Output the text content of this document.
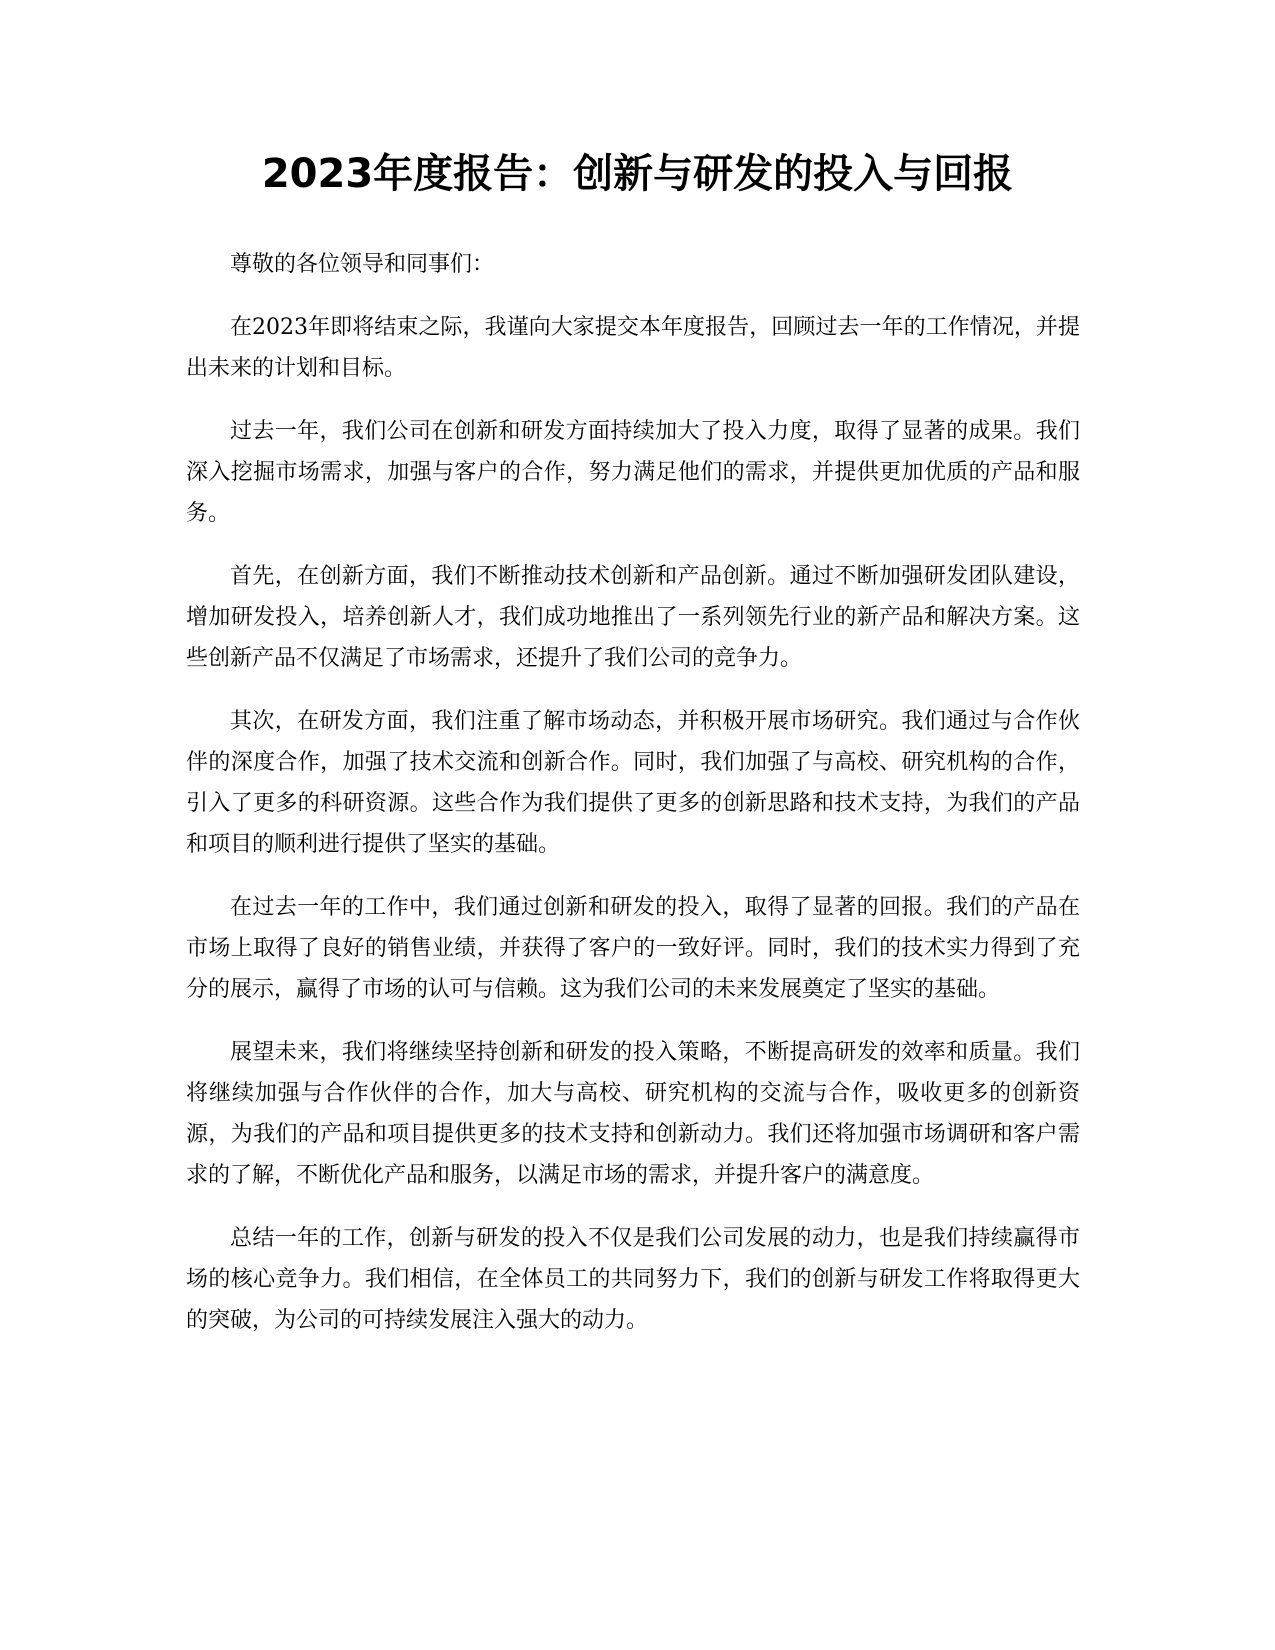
2023年度报告：创新与研发的投入与回报

尊敬的各位领导和同事们：

在2023年即将结束之际，我谨向大家提交本年度报告，回顾过去一年的工作情况，并提出未来的计划和目标。

过去一年，我们公司在创新和研发方面持续加大了投入力度，取得了显著的成果。我们深入挖掘市场需求，加强与客户的合作，努力满足他们的需求，并提供更加优质的产品和服务。

首先，在创新方面，我们不断推动技术创新和产品创新。通过不断加强研发团队建设，增加研发投入，培养创新人才，我们成功地推出了一系列领先行业的新产品和解决方案。这些创新产品不仅满足了市场需求，还提升了我们公司的竞争力。

其次，在研发方面，我们注重了解市场动态，并积极开展市场研究。我们通过与合作伙伴的深度合作，加强了技术交流和创新合作。同时，我们加强了与高校、研究机构的合作，引入了更多的科研资源。这些合作为我们提供了更多的创新思路和技术支持，为我们的产品和项目的顺利进行提供了坚实的基础。

在过去一年的工作中，我们通过创新和研发的投入，取得了显著的回报。我们的产品在市场上取得了良好的销售业绩，并获得了客户的一致好评。同时，我们的技术实力得到了充分的展示，赢得了市场的认可与信赖。这为我们公司的未来发展奠定了坚实的基础。

展望未来，我们将继续坚持创新和研发的投入策略，不断提高研发的效率和质量。我们将继续加强与合作伙伴的合作，加大与高校、研究机构的交流与合作，吸收更多的创新资源，为我们的产品和项目提供更多的技术支持和创新动力。我们还将加强市场调研和客户需求的了解，不断优化产品和服务，以满足市场的需求，并提升客户的满意度。

总结一年的工作，创新与研发的投入不仅是我们公司发展的动力，也是我们持续赢得市场的核心竞争力。我们相信，在全体员工的共同努力下，我们的创新与研发工作将取得更大的突破，为公司的可持续发展注入强大的动力。
